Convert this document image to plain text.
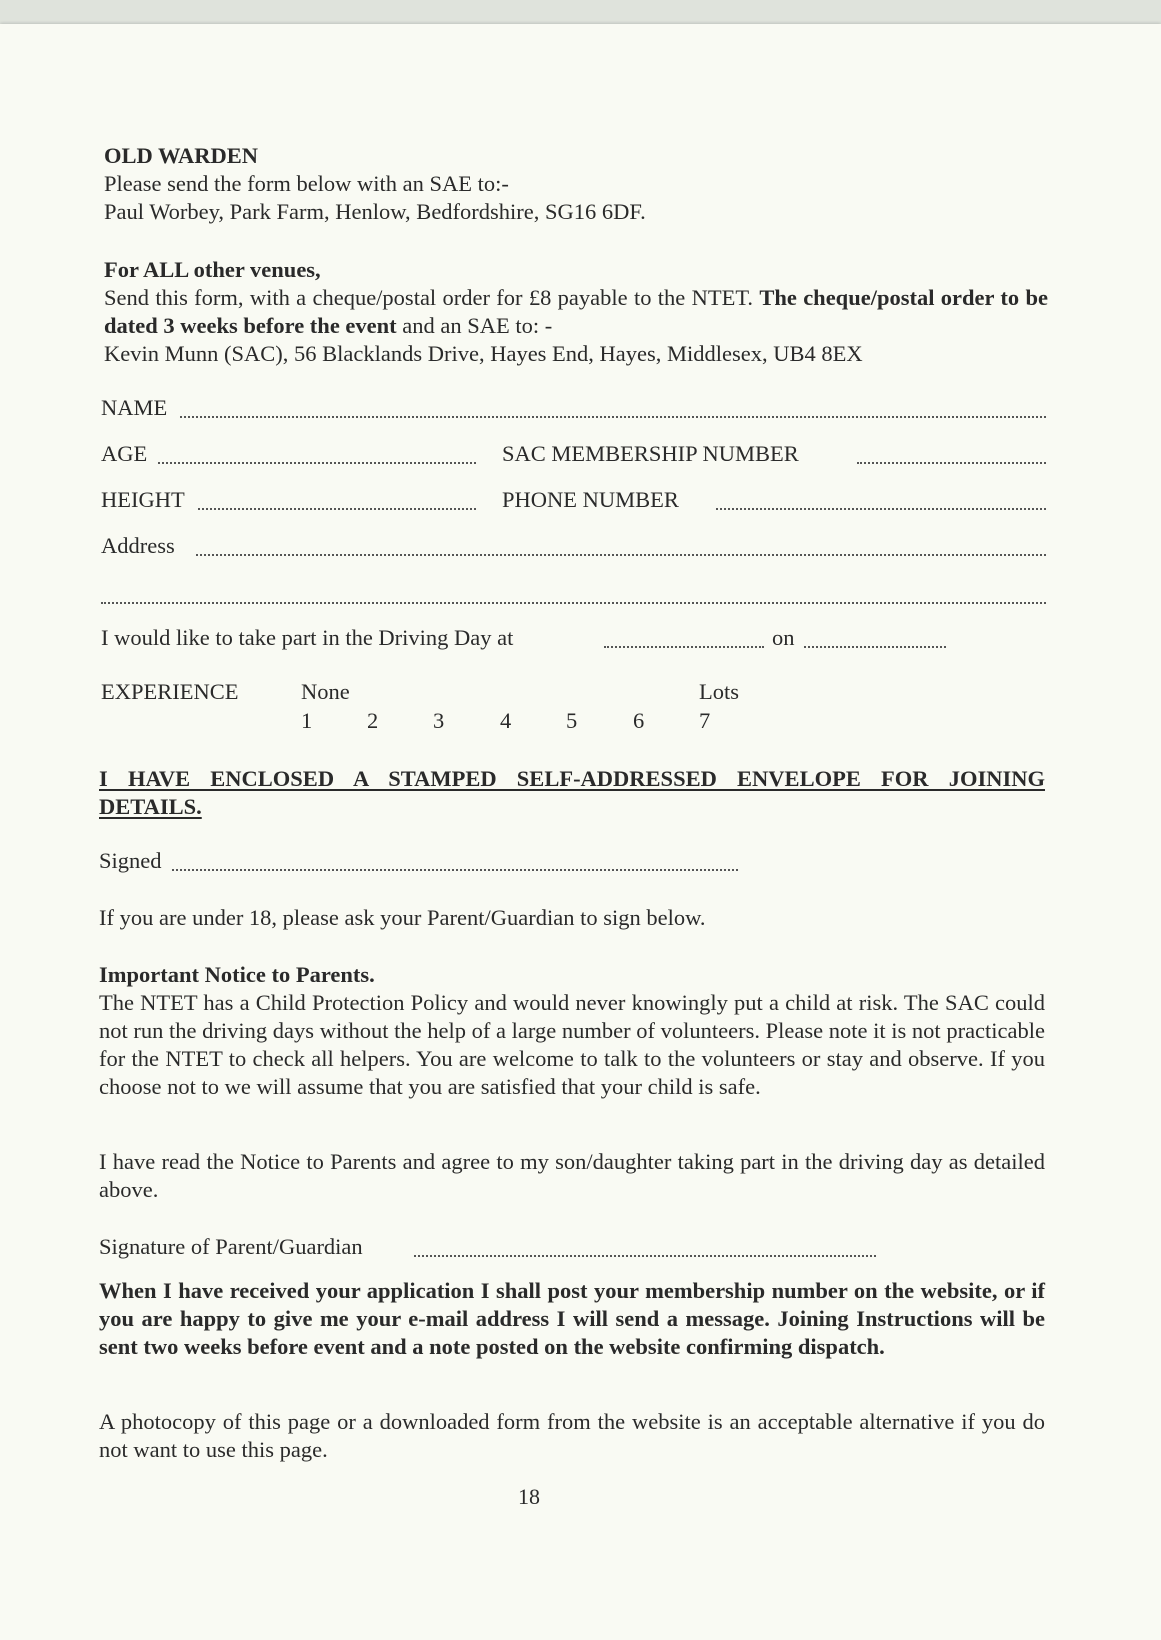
OLD WARDEN
Please send the form below with an SAE to:-
Paul Worbey, Park Farm, Henlow, Bedfordshire, SG16 6DF.
For ALL other venues,
Send this form, with a cheque/postal order for £8 payable to the NTET. The cheque/postal order to be dated 3 weeks before the event and an SAE to: -
Kevin Munn (SAC), 56 Blacklands Drive, Hayes End, Hayes, Middlesex, UB4 8EX
NAME
AGE	SAC MEMBERSHIP NUMBER
HEIGHT	PHONE NUMBER
Address
I would like to take part in the Driving Day at	on
EXPERIENCE	None	Lots
1 2 3 4 5 6 7
I HAVE ENCLOSED A STAMPED SELF-ADDRESSED ENVELOPE FOR JOINING DETAILS.
Signed
If you are under 18, please ask your Parent/Guardian to sign below.
Important Notice to Parents.
The NTET has a Child Protection Policy and would never knowingly put a child at risk. The SAC could not run the driving days without the help of a large number of volunteers. Please note it is not practicable for the NTET to check all helpers. You are welcome to talk to the volunteers or stay and observe. If you choose not to we will assume that you are satisfied that your child is safe.
I have read the Notice to Parents and agree to my son/daughter taking part in the driving day as detailed above.
Signature of Parent/Guardian
When I have received your application I shall post your membership number on the website, or if you are happy to give me your e-mail address I will send a message. Joining Instructions will be sent two weeks before event and a note posted on the website confirming dispatch.
A photocopy of this page or a downloaded form from the website is an acceptable alternative if you do not want to use this page.
18
